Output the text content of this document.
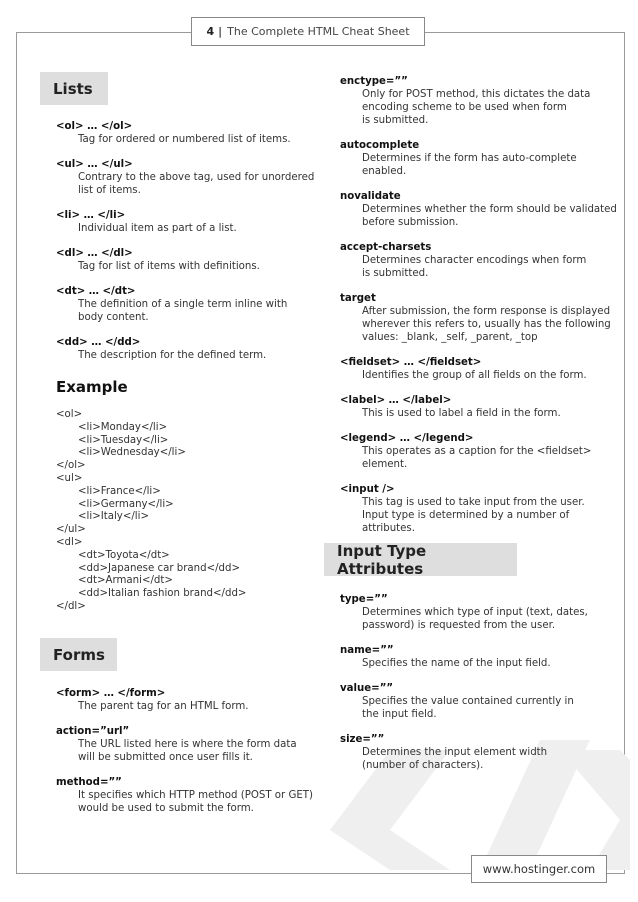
4 | The Complete HTML Cheat Sheet
Lists
<ol> … </ol>
Tag for ordered or numbered list of items.
<ul> … </ul>
Contrary to the above tag, used for unordered
list of items.
<li> … </li>
Individual item as part of a list.
<dl> … </dl>
Tag for list of items with definitions.
<dt> … </dt>
The definition of a single term inline with
body content.
<dd> … </dd>
The description for the defined term.
Example
<ol>
<li>Monday</li>
<li>Tuesday</li>
<li>Wednesday</li>
</ol>
<ul>
<li>France</li>
<li>Germany</li>
<li>Italy</li>
</ul>
<dl>
<dt>Toyota</dt>
<dd>Japanese car brand</dd>
<dt>Armani</dt>
<dd>Italian fashion brand</dd>
</dl>
Forms
<form> … </form>
The parent tag for an HTML form.
action=”url”
The URL listed here is where the form data
will be submitted once user fills it.
method=””
It specifies which HTTP method (POST or GET)
would be used to submit the form.
enctype=””
Only for POST method, this dictates the data
encoding scheme to be used when form
is submitted.
autocomplete
Determines if the form has auto-complete enabled.
novalidate
Determines whether the form should be validated
before submission.
accept-charsets
Determines character encodings when form
is submitted.
target
After submission, the form response is displayed
wherever this refers to, usually has the following
values: _blank, _self, _parent, _top
<fieldset> … </fieldset>
Identifies the group of all fields on the form.
<label> … </label>
This is used to label a field in the form.
<legend> … </legend>
This operates as a caption for the <fieldset>
element.
<input />
This tag is used to take input from the user.
Input type is determined by a number of attributes.
Input Type Attributes
type=””
Determines which type of input (text, dates,
password) is requested from the user.
name=””
Specifies the name of the input field.
value=””
Specifies the value contained currently in
the input field.
size=””
Determines the input element width
(number of characters).
www.hostinger.com
